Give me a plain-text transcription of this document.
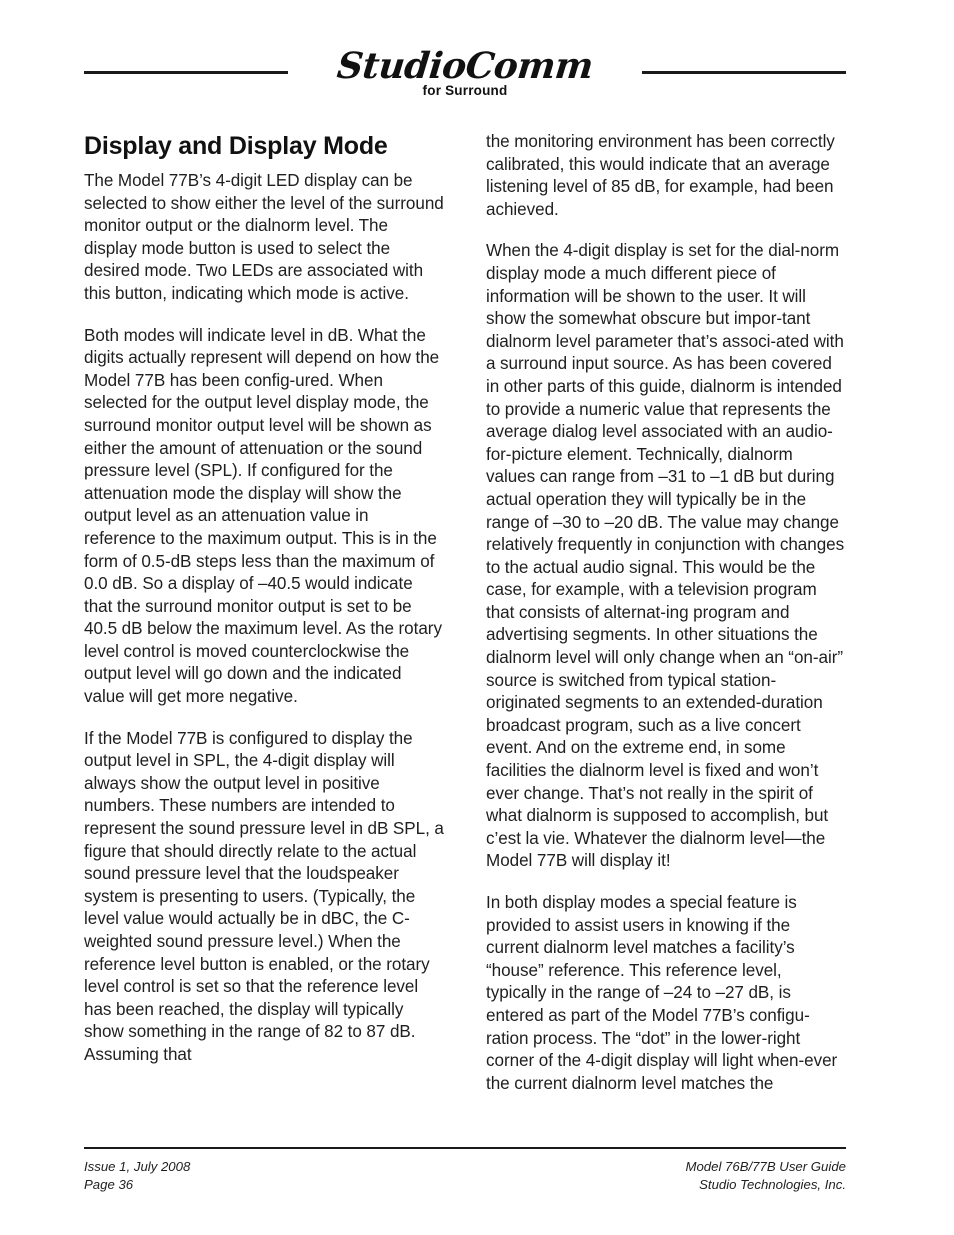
StudioComm
for Surround
Display and Display Mode

The Model 77B’s 4-digit LED display can be selected to show either the level of the surround monitor output or the dialnorm level. The display mode button is used to select the desired mode. Two LEDs are associated with this button, indicating which mode is active.

Both modes will indicate level in dB. What the digits actually represent will depend on how the Model 77B has been config-ured. When selected for the output level display mode, the surround monitor output level will be shown as either the amount of attenuation or the sound pressure level (SPL). If configured for the attenuation mode the display will show the output level as an attenuation value in reference to the maximum output. This is in the form of 0.5-dB steps less than the maximum of 0.0 dB. So a display of –40.5 would indicate that the surround monitor output is set to be 40.5 dB below the maximum level. As the rotary level control is moved counterclockwise the output level will go down and the indicated value will get more negative.

If the Model 77B is configured to display the output level in SPL, the 4-digit display will always show the output level in positive numbers. These numbers are intended to represent the sound pressure level in dB SPL, a figure that should directly relate to the actual sound pressure level that the loudspeaker system is presenting to users. (Typically, the level value would actually be in dBC, the C-weighted sound pressure level.) When the reference level button is enabled, or the rotary level control is set so that the reference level has been reached, the display will typically show something in the range of 82 to 87 dB. Assuming that

the monitoring environment has been correctly calibrated, this would indicate that an average listening level of 85 dB, for example, had been achieved.

When the 4-digit display is set for the dial-norm display mode a much different piece of information will be shown to the user. It will show the somewhat obscure but impor-tant dialnorm level parameter that’s associ-ated with a surround input source. As has been covered in other parts of this guide, dialnorm is intended to provide a numeric value that represents the average dialog level associated with an audio-for-picture element. Technically, dialnorm values can range from –31 to –1 dB but during actual operation they will typically be in the range of –30 to –20 dB. The value may change relatively frequently in conjunction with changes to the actual audio signal. This would be the case, for example, with a television program that consists of alternat-ing program and advertising segments. In other situations the dialnorm level will only change when an “on-air” source is switched from typical station-originated segments to an extended-duration broadcast program, such as a live concert event. And on the extreme end, in some facilities the dialnorm level is fixed and won’t ever change. That’s not really in the spirit of what dialnorm is supposed to accomplish, but c’est la vie. Whatever the dialnorm level—the Model 77B will display it!

In both display modes a special feature is provided to assist users in knowing if the current dialnorm level matches a facility’s “house” reference. This reference level, typically in the range of –24 to –27 dB, is entered as part of the Model 77B’s configu-ration process. The “dot” in the lower-right corner of the 4-digit display will light when-ever the current dialnorm level matches the

Issue 1, July 2008
Page 36
Model 76B/77B User Guide
Studio Technologies, Inc.
